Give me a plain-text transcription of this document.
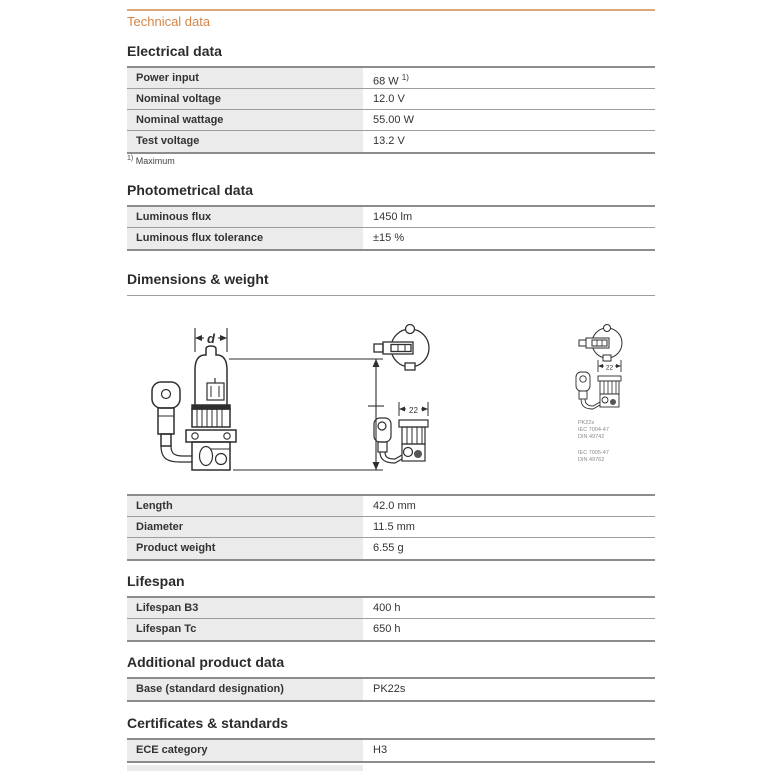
Technical data
Electrical data
Power input	68 W $^{1)}$
Nominal voltage	12.0 V
Nominal wattage	55.00 W
Test voltage	13.2 V
$^{1)}$ Maximum
Photometrical data
Luminous flux	1450 lm
Luminous flux tolerance	±15 %
Dimensions & weight
d
22
22
PK22s
IEC 7004-47
DIN 49742
IEC 7005-47
DIN 49762
Length	42.0 mm
Diameter	11.5 mm
Product weight	6.55 g
Lifespan
Lifespan B3	400 h
Lifespan Tc	650 h
Additional product data
Base (standard designation)	PK22s
Certificates & standards
ECE category	H3
